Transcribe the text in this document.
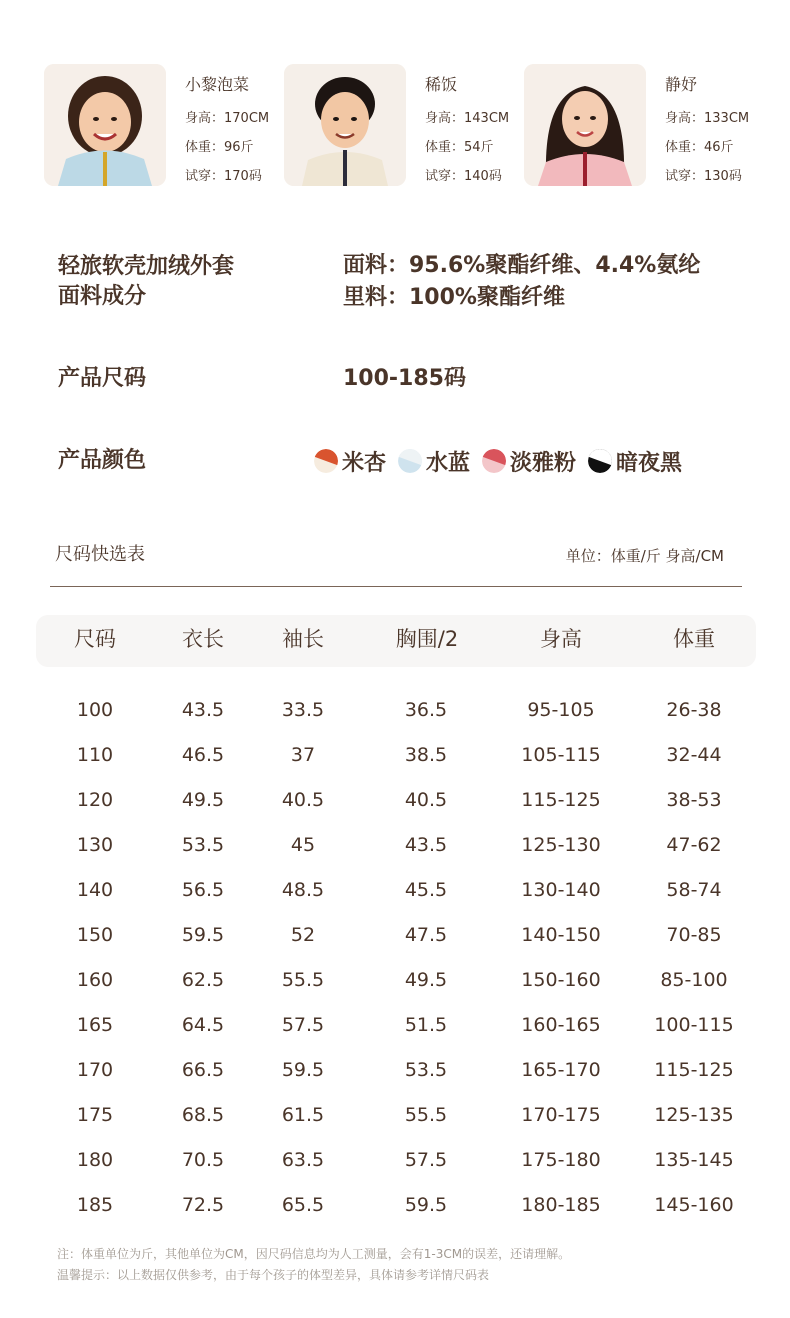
小黎泡菜
身高：170CM
体重：96斤
试穿：170码
稀饭
身高：143CM
体重：54斤
试穿：140码
静妤
身高：133CM
体重：46斤
试穿：130码
轻旅软壳加绒外套
面料成分
面料：95.6%聚酯纤维、4.4%氨纶
里料：100%聚酯纤维
产品尺码	100-185码
产品颜色	米杏 水蓝 淡雅粉 暗夜黑
尺码快选表	单位：体重/斤 身高/CM
尺码	衣长	袖长	胸围/2	身高	体重
100	43.5	33.5	36.5	95-105	26-38
110	46.5	37	38.5	105-115	32-44
120	49.5	40.5	40.5	115-125	38-53
130	53.5	45	43.5	125-130	47-62
140	56.5	48.5	45.5	130-140	58-74
150	59.5	52	47.5	140-150	70-85
160	62.5	55.5	49.5	150-160	85-100
165	64.5	57.5	51.5	160-165	100-115
170	66.5	59.5	53.5	165-170	115-125
175	68.5	61.5	55.5	170-175	125-135
180	70.5	63.5	57.5	175-180	135-145
185	72.5	65.5	59.5	180-185	145-160
注：体重单位为斤，其他单位为CM，因尺码信息均为人工测量，会有1-3CM的误差，还请理解。
温馨提示：以上数据仅供参考，由于每个孩子的体型差异，具体请参考详情尺码表
